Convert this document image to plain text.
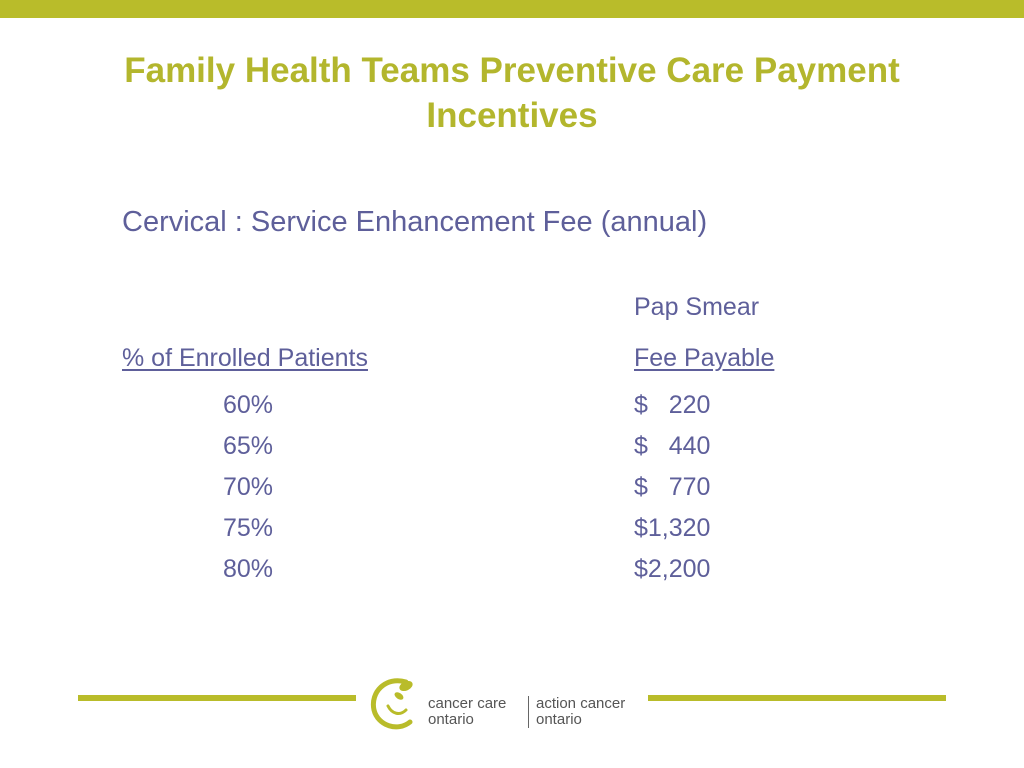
Family Health Teams Preventive Care Payment Incentives
Cervical : Service Enhancement Fee (annual)
Pap Smear
% of Enrolled Patients	Fee Payable
60%	$   220
65%	$   440
70%	$   770
75%	$1,320
80%	$2,200
cancer care
ontario
action cancer
ontario
